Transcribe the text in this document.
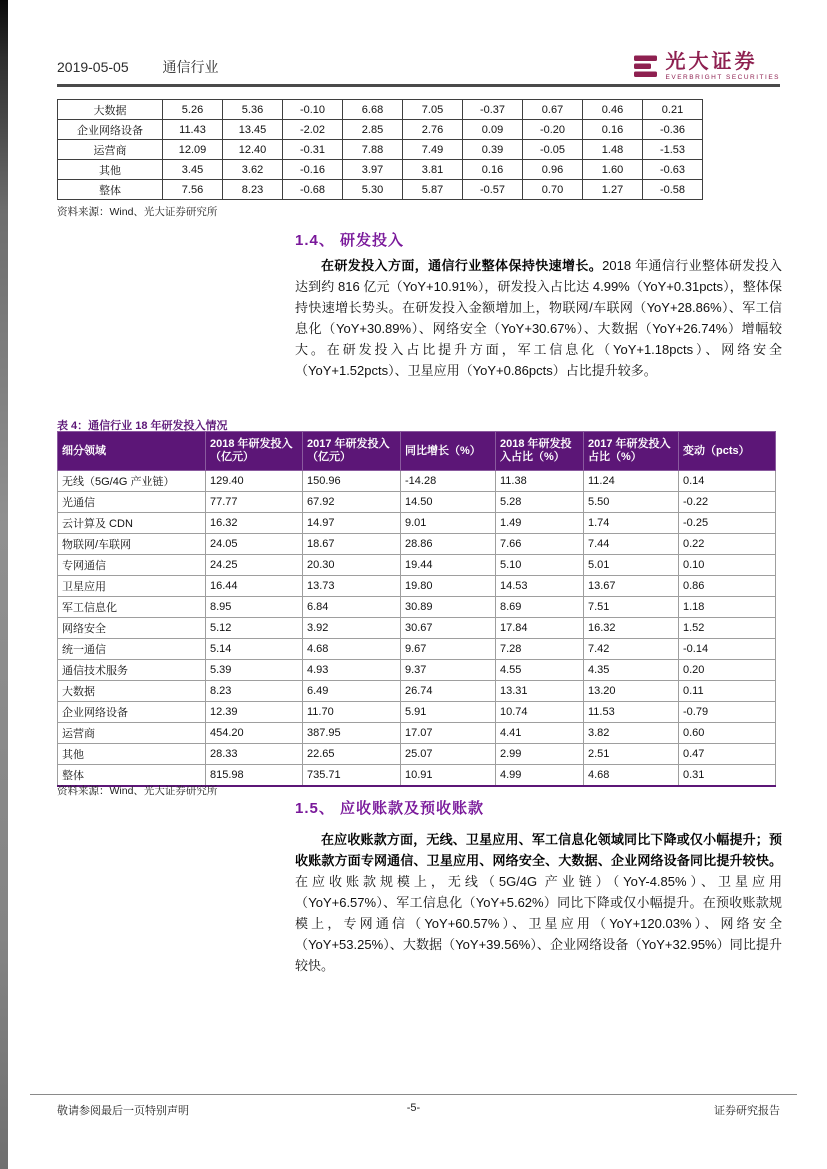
2019-05-05 通信行业	光大证券
EVERBRIGHT SECURITIES
大数据	5.26	5.36	-0.10	6.68	7.05	-0.37	0.67	0.46	0.21
企业网络设备	11.43	13.45	-2.02	2.85	2.76	0.09	-0.20	0.16	-0.36
运营商	12.09	12.40	-0.31	7.88	7.49	0.39	-0.05	1.48	-1.53
其他	3.45	3.62	-0.16	3.97	3.81	0.16	0.96	1.60	-0.63
整体	7.56	8.23	-0.68	5.30	5.87	-0.57	0.70	1.27	-0.58
资料来源：Wind、光大证券研究所
1.4、 研发投入

在研发投入方面，通信行业整体保持快速增长。2018 年通信行业整体研发投入达到约 816 亿元（YoY+10.91%），研发投入占比达 4.99%（YoY+0.31pcts），整体保持快速增长势头。在研发投入金额增加上，物联网/车联网（YoY+28.86%）、军工信息化（YoY+30.89%）、网络安全（YoY+30.67%）、大数据（YoY+26.74%）增幅较大。在研发投入占比提升方面，军工信息化（YoY+1.18pcts）、网络安全（YoY+1.52pcts）、卫星应用（YoY+0.86pcts）占比提升较多。

表 4：通信行业 18 年研发投入情况
细分领域	2018 年研发投入（亿元）	2017 年研发投入（亿元）	同比增长（%）	2018 年研发投入占比（%）	2017 年研发投入占比（%）	变动（pcts）
无线（5G/4G 产业链）	129.40	150.96	-14.28	11.38	11.24	0.14
光通信	77.77	67.92	14.50	5.28	5.50	-0.22
云计算及 CDN	16.32	14.97	9.01	1.49	1.74	-0.25
物联网/车联网	24.05	18.67	28.86	7.66	7.44	0.22
专网通信	24.25	20.30	19.44	5.10	5.01	0.10
卫星应用	16.44	13.73	19.80	14.53	13.67	0.86
军工信息化	8.95	6.84	30.89	8.69	7.51	1.18
网络安全	5.12	3.92	30.67	17.84	16.32	1.52
统一通信	5.14	4.68	9.67	7.28	7.42	-0.14
通信技术服务	5.39	4.93	9.37	4.55	4.35	0.20
大数据	8.23	6.49	26.74	13.31	13.20	0.11
企业网络设备	12.39	11.70	5.91	10.74	11.53	-0.79
运营商	454.20	387.95	17.07	4.41	3.82	0.60
其他	28.33	22.65	25.07	2.99	2.51	0.47
整体	815.98	735.71	10.91	4.99	4.68	0.31
资料来源：Wind、光大证券研究所
1.5、 应收账款及预收账款

在应收账款方面，无线、卫星应用、军工信息化领域同比下降或仅小幅提升；预收账款方面专网通信、卫星应用、网络安全、大数据、企业网络设备同比提升较快。在应收账款规模上，无线（5G/4G 产业链）（YoY-4.85%）、卫星应用（YoY+6.57%）、军工信息化（YoY+5.62%）同比下降或仅小幅提升。在预收账款规模上，专网通信（YoY+60.57%）、卫星应用（YoY+120.03%）、网络安全（YoY+53.25%）、大数据（YoY+39.56%）、企业网络设备（YoY+32.95%）同比提升较快。

敬请参阅最后一页特别声明	-5-	证券研究报告
